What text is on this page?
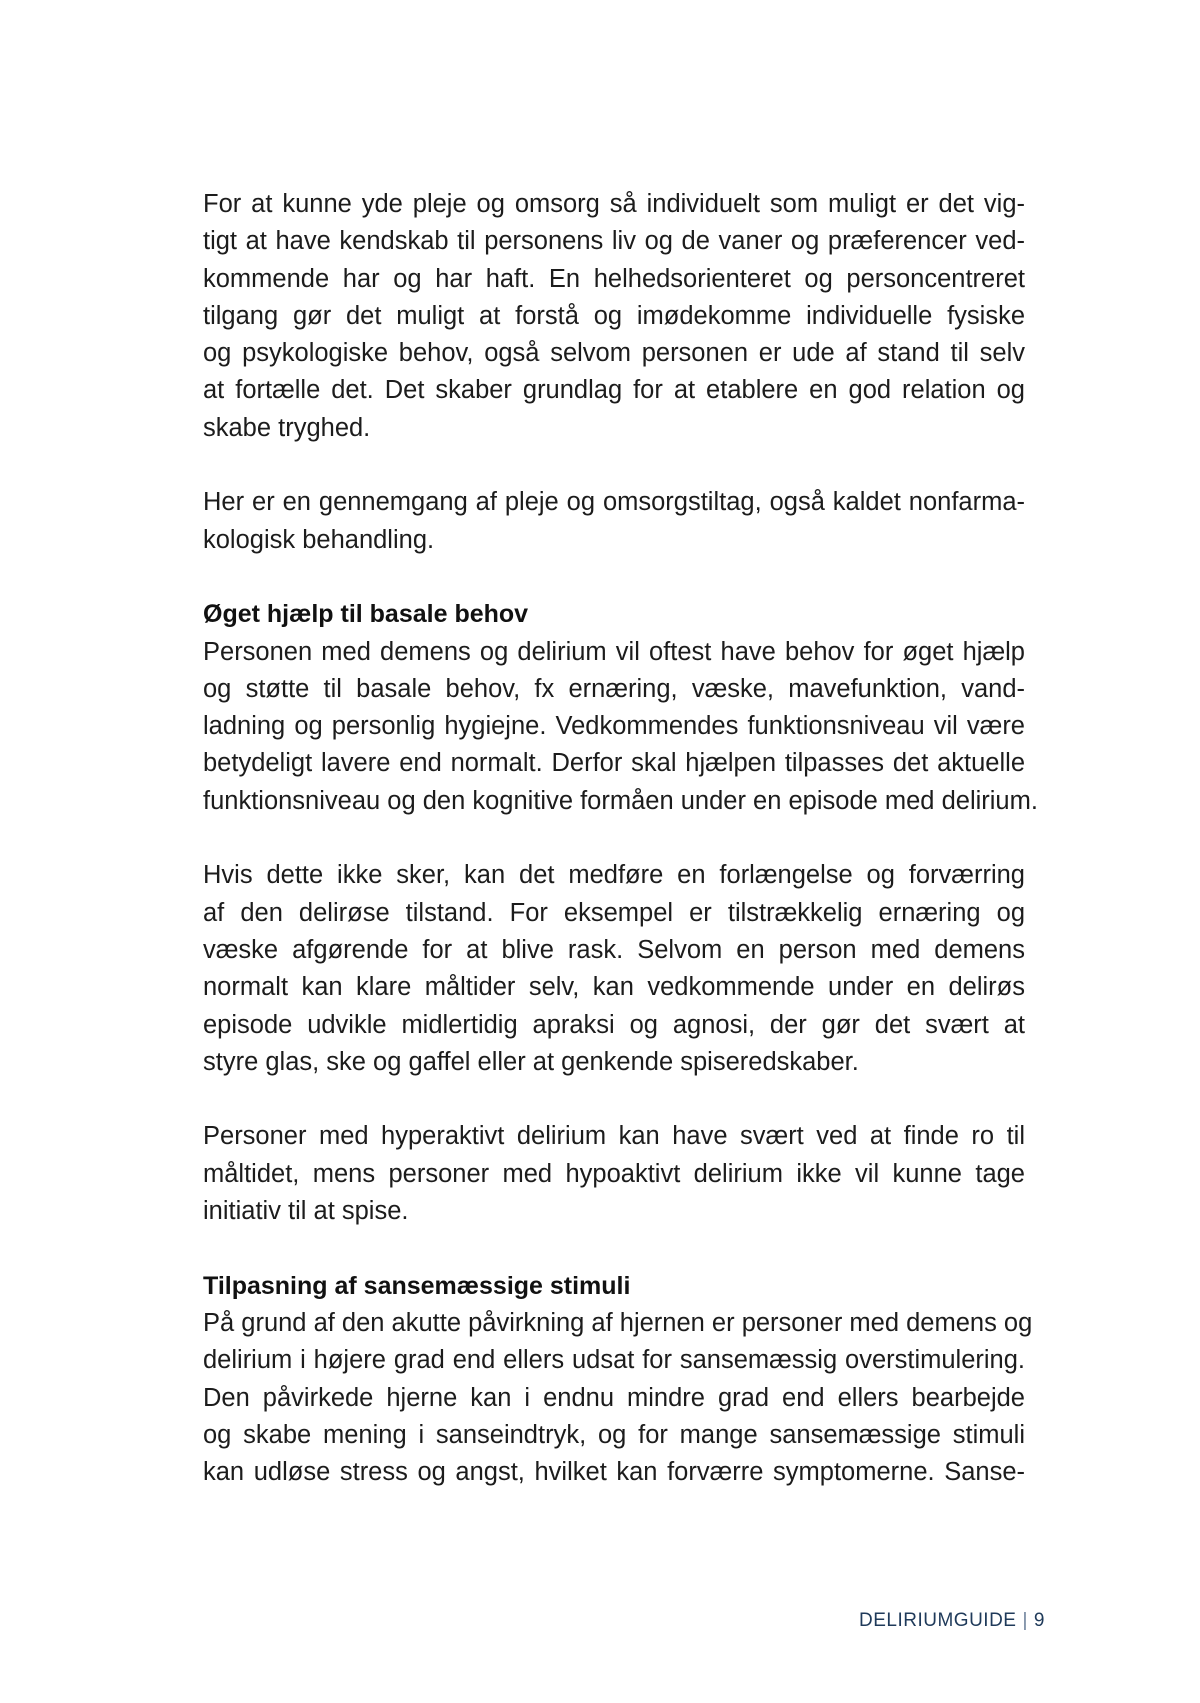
For at kunne yde pleje og omsorg så individuelt som muligt er det vig-
tigt at have kendskab til personens liv og de vaner og præferencer ved-
kommende har og har haft. En helhedsorienteret og personcentreret
tilgang gør det muligt at forstå og imødekomme individuelle fysiske
og psykologiske behov, også selvom personen er ude af stand til selv
at fortælle det. Det skaber grundlag for at etablere en god relation og
skabe tryghed.

Her er en gennemgang af pleje og omsorgstiltag, også kaldet nonfarma-
kologisk behandling.

Øget hjælp til basale behov

Personen med demens og delirium vil oftest have behov for øget hjælp
og støtte til basale behov, fx ernæring, væske, mavefunktion, vand-
ladning og personlig hygiejne. Vedkommendes funktionsniveau vil være
betydeligt lavere end normalt. Derfor skal hjælpen tilpasses det aktuelle
funktionsniveau og den kognitive formåen under en episode med delirium.

Hvis dette ikke sker, kan det medføre en forlængelse og forværring
af den delirøse tilstand. For eksempel er tilstrækkelig ernæring og
væske afgørende for at blive rask. Selvom en person med demens
normalt kan klare måltider selv, kan vedkommende under en delirøs
episode udvikle midlertidig apraksi og agnosi, der gør det svært at
styre glas, ske og gaffel eller at genkende spiseredskaber.

Personer med hyperaktivt delirium kan have svært ved at finde ro til
måltidet, mens personer med hypoaktivt delirium ikke vil kunne tage
initiativ til at spise.

Tilpasning af sansemæssige stimuli

På grund af den akutte påvirkning af hjernen er personer med demens og
delirium i højere grad end ellers udsat for sansemæssig overstimulering.
Den påvirkede hjerne kan i endnu mindre grad end ellers bearbejde
og skabe mening i sanseindtryk, og for mange sansemæssige stimuli
kan udløse stress og angst, hvilket kan forværre symptomerne. Sanse-

DELIRIUMGUIDE | 9
